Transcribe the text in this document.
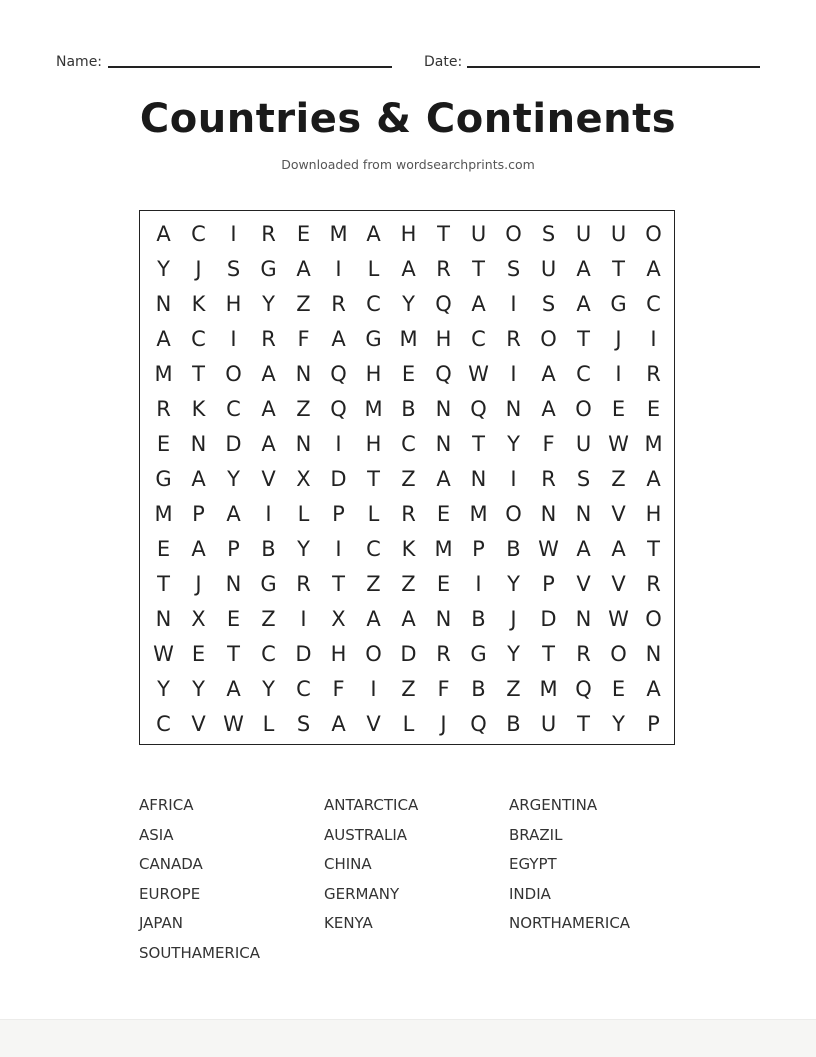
Name:	Date:
Countries & Continents
Downloaded from wordsearchprints.com
A C	I	R	E M A H T U O S U U O
Y	J	S G A	I	L	A R	T	S U A	T	A
N K H Y	Z R C	Y Q A	I	S	A G C
A C	I	R	F	A G M H C R O T	J	I
M T O A N Q H E Q W	I	A C	I	R
R K C A Z Q M B N Q N A O E	E
E N D A N	I	H C N T	Y	F	U W M
G A	Y	V X D T	Z A N	I	R	S	Z A
M P	A	I	L	P	L	R	E M O N N V H
E	A	P	B	Y	I	C K M P	B W A A	T
T	J	N G R	T	Z Z	E	I	Y	P	V V R
N X	E	Z	I	X A A N B	J	D N W O
W E	T	C D H O D R G Y	T	R O N
Y	Y	A	Y	C	F	I	Z	F	B Z M Q E	A
C V W L	S	A V	L	J	Q B U T	Y	P
AFRICA	ANTARCTICA	ARGENTINA
ASIA	AUSTRALIA	BRAZIL
CANADA	CHINA	EGYPT
EUROPE	GERMANY	INDIA
JAPAN	KENYA	NORTHAMERICA
SOUTHAMERICA
